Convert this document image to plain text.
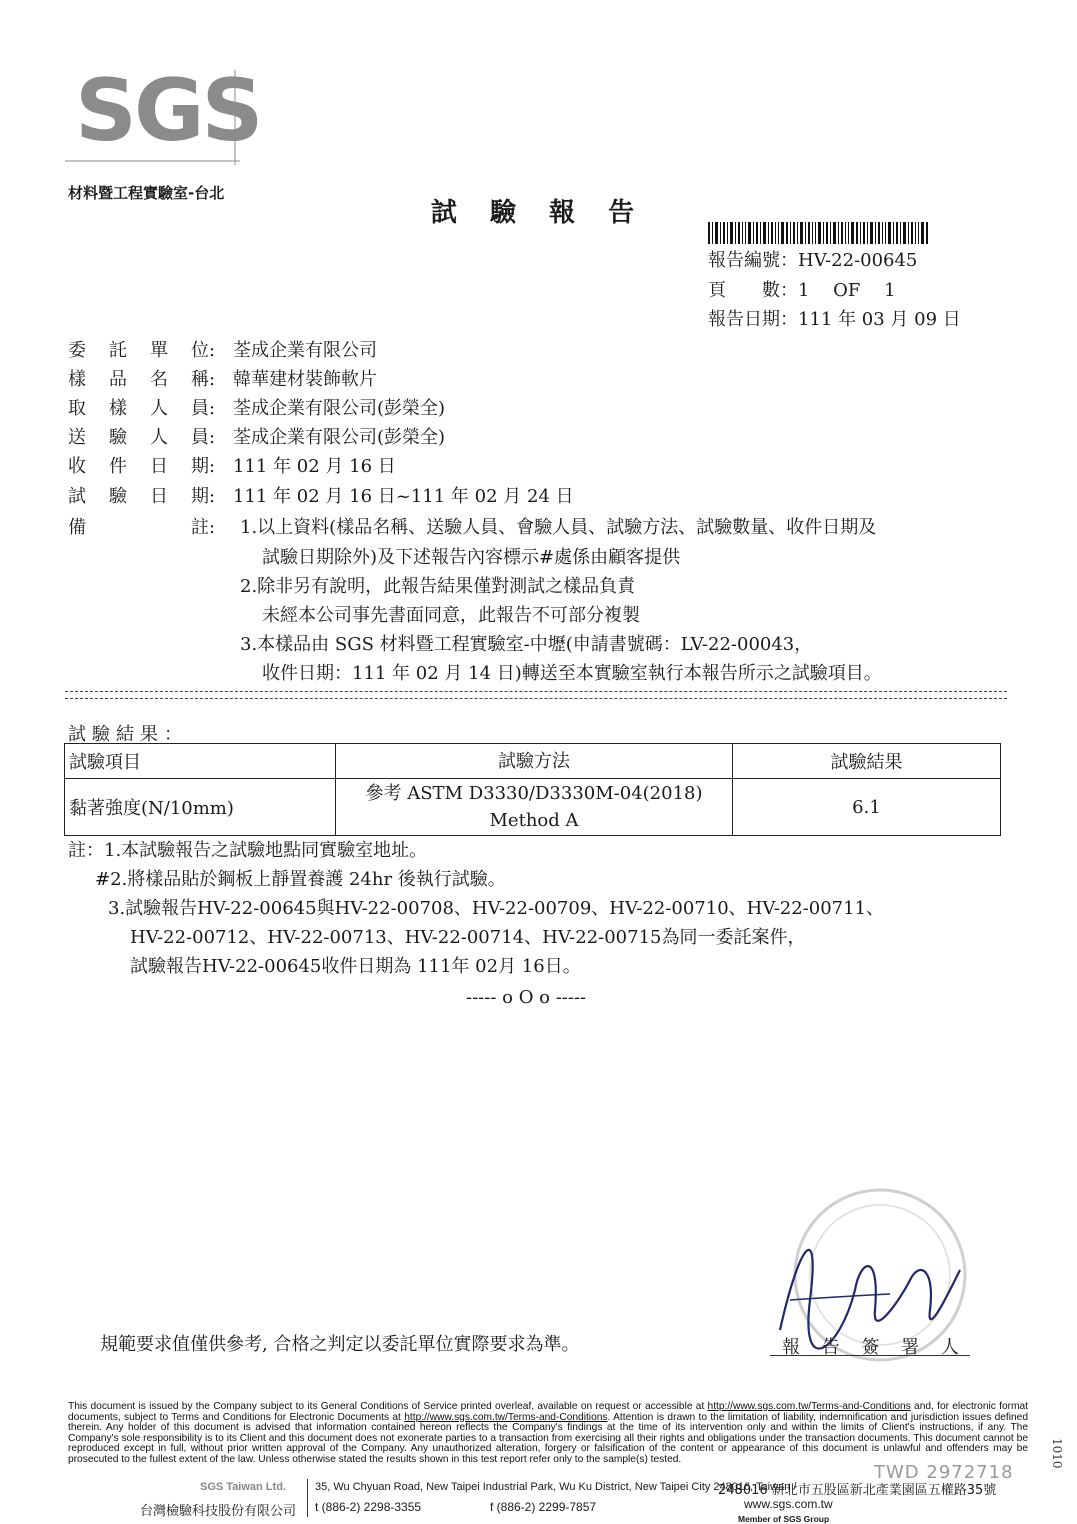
SGS
材料暨工程實驗室-台北
試 驗 報 告
報告編號：HV-22-00645
頁　　數：1　 OF　 1
報告日期：111 年 03 月 09 日
委 託 單 位: 荃成企業有限公司
樣 品 名 稱: 韓華建材裝飾軟片
取 樣 人 員: 荃成企業有限公司(彭榮全)
送 驗 人 員: 荃成企業有限公司(彭榮全)
收 件 日 期: 111 年 02 月 16 日
試 驗 日 期: 111 年 02 月 16 日~111 年 02 月 24 日
備	註: 1.以上資料(樣品名稱、送驗人員、會驗人員、試驗方法、試驗數量、收件日期及
試驗日期除外)及下述報告內容標示#處係由顧客提供
2.除非另有說明，此報告結果僅對測試之樣品負責
未經本公司事先書面同意，此報告不可部分複製
3.本樣品由 SGS 材料暨工程實驗室-中壢(申請書號碼：LV-22-00043，
收件日期：111 年 02 月 14 日)轉送至本實驗室執行本報告所示之試驗項目。
試驗結果：
試驗項目	試驗方法	試驗結果
黏著強度(N/10mm)	參考 ASTM D3330/D3330M-04(2018)
Method A	6.1
註：1.本試驗報告之試驗地點同實驗室地址。
#2.將樣品貼於鋼板上靜置養護 24hr 後執行試驗。
3.試驗報告HV-22-00645與HV-22-00708、HV-22-00709、HV-22-00710、HV-22-00711、
HV-22-00712、HV-22-00713、HV-22-00714、HV-22-00715為同一委託案件，
試驗報告HV-22-00645收件日期為 111年 02月 16日。
----- o O o -----
規範要求值僅供參考, 合格之判定以委託單位實際要求為準。	報 告 簽 署 人
This document is issued by the Company subject to its General Conditions of Service printed overleaf, available on request or accessible at http://www.sgs.com.tw/Terms-and-Conditions and, for electronic format documents, subject to Terms and Conditions for Electronic Documents at http://www.sgs.com.tw/Terms-and-Conditions. Attention is drawn to the limitation of liability, indemnification and jurisdiction issues defined therein. Any holder of this document is advised that information contained hereon reflects the Company's findings at the time of its intervention only and within the limits of Client's instructions, if any. The Company's sole responsibility is to its Client and this document does not exonerate parties to a transaction from exercising all their rights and obligations under the transaction documents. This document cannot be reproduced except in full, without prior written approval of the Company. Any unauthorized alteration, forgery or falsification of the content or appearance of this document is unlawful and offenders may be prosecuted to the fullest extent of the law. Unless otherwise stated the results shown in this test report refer only to the sample(s) tested.
TWD 2972718
1010
SGS Taiwan Ltd.
台灣檢驗科技股份有限公司
35, Wu Chyuan Road, New Taipei Industrial Park, Wu Ku District, New Taipei City 248016, Taiwan /
248016 新北市五股區新北產業園區五權路35號
t (886-2) 2298-3355	f (886-2) 2299-7857	www.sgs.com.tw
Member of SGS Group
